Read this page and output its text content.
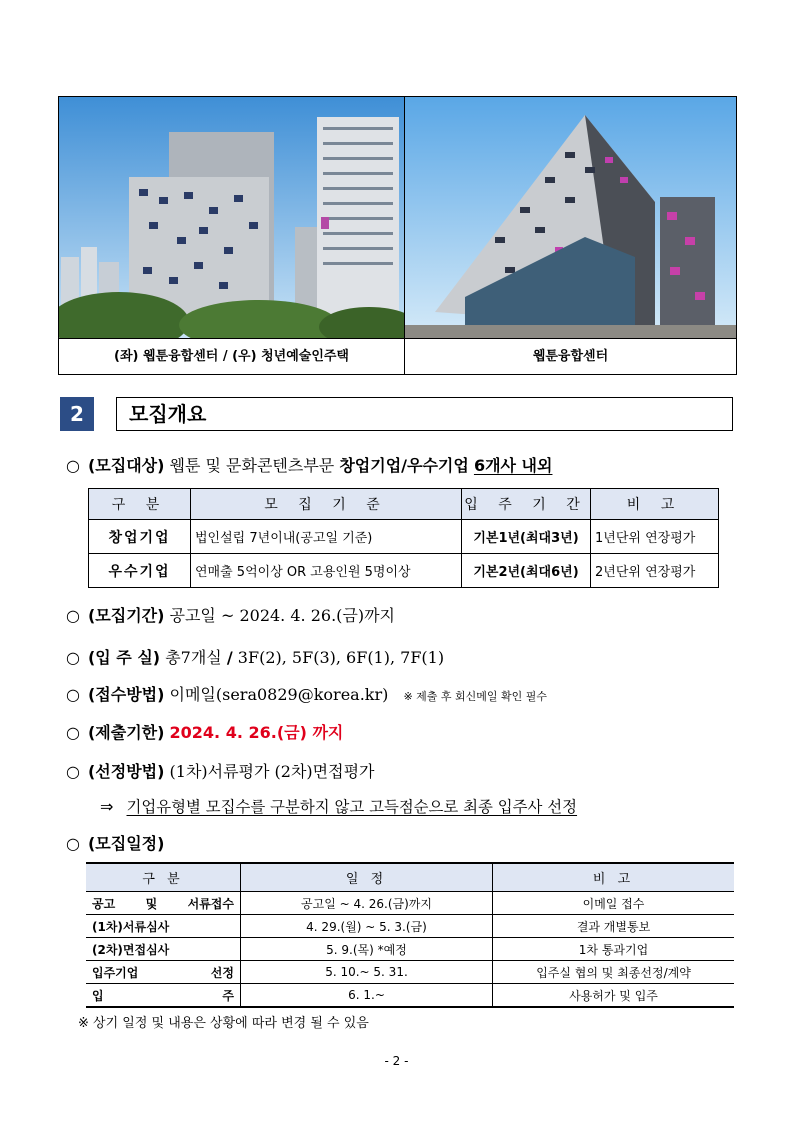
(좌) 웹툰융합센터 / (우) 청년예술인주택	웹툰융합센터
2	모집개요
○ (모집대상) 웹툰 및 문화콘텐츠부문 창업기업/우수기업 6개사 내외
구 분	모 집 기 준	입 주 기 간	비 고
창업기업	법인설립 7년이내(공고일 기준)	기본1년(최대3년)	1년단위 연장평가
우수기업	연매출 5억이상 OR 고용인원 5명이상	기본2년(최대6년)	2년단위 연장평가
○ (모집기간) 공고일 ~ 2024. 4. 26.(금)까지
○ (입 주 실) 총7개실 / 3F(2), 5F(3), 6F(1), 7F(1)
○ (접수방법) 이메일(sera0829@korea.kr) ※ 제출 후 회신메일 확인 필수
○ (제출기한) 2024. 4. 26.(금) 까지
○ (선정방법) (1차)서류평가 (2차)면접평가
⇒ 기업유형별 모집수를 구분하지 않고 고득점순으로 최종 입주사 선정
○ (모집일정)
구 분	일 정	비 고
공고 및 서류접수	공고일 ~ 4. 26.(금)까지	이메일 접수
(1차)서류심사	4. 29.(월) ~ 5. 3.(금)	결과 개별통보
(2차)면접심사	5. 9.(목) *예정	1차 통과기업
입주기업 선정	5. 10.~ 5. 31.	입주실 협의 및 최종선정/계약
입 주	6. 1.~	사용허가 및 입주
※ 상기 일정 및 내용은 상황에 따라 변경 될 수 있음
- 2 -
